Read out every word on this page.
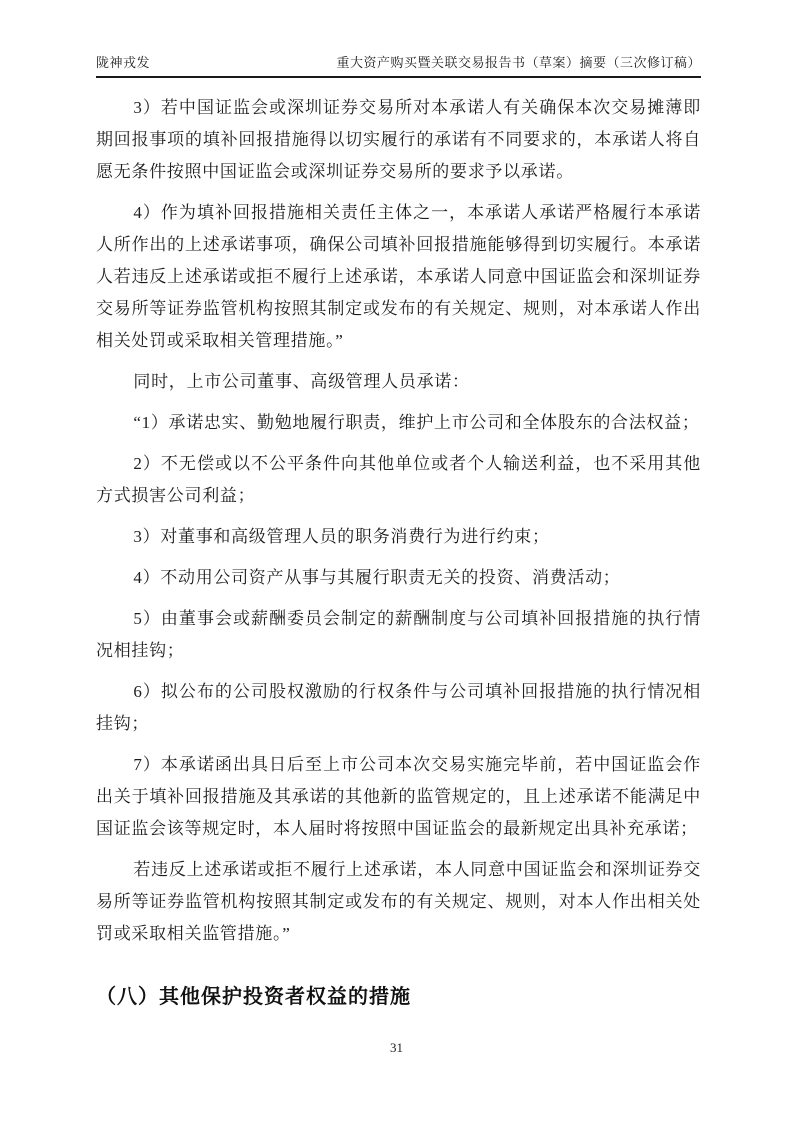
陇神戎发	重大资产购买暨关联交易报告书（草案）摘要（三次修订稿）

3）若中国证监会或深圳证券交易所对本承诺人有关确保本次交易摊薄即期回报事项的填补回报措施得以切实履行的承诺有不同要求的，本承诺人将自愿无条件按照中国证监会或深圳证券交易所的要求予以承诺。

4）作为填补回报措施相关责任主体之一，本承诺人承诺严格履行本承诺人所作出的上述承诺事项，确保公司填补回报措施能够得到切实履行。本承诺人若违反上述承诺或拒不履行上述承诺，本承诺人同意中国证监会和深圳证券交易所等证券监管机构按照其制定或发布的有关规定、规则，对本承诺人作出相关处罚或采取相关管理措施。”

同时，上市公司董事、高级管理人员承诺：

“1）承诺忠实、勤勉地履行职责，维护上市公司和全体股东的合法权益；

2）不无偿或以不公平条件向其他单位或者个人输送利益，也不采用其他方式损害公司利益；

3）对董事和高级管理人员的职务消费行为进行约束；

4）不动用公司资产从事与其履行职责无关的投资、消费活动；

5）由董事会或薪酬委员会制定的薪酬制度与公司填补回报措施的执行情况相挂钩；

6）拟公布的公司股权激励的行权条件与公司填补回报措施的执行情况相挂钩；

7）本承诺函出具日后至上市公司本次交易实施完毕前，若中国证监会作出关于填补回报措施及其承诺的其他新的监管规定的，且上述承诺不能满足中国证监会该等规定时，本人届时将按照中国证监会的最新规定出具补充承诺；

若违反上述承诺或拒不履行上述承诺，本人同意中国证监会和深圳证券交易所等证券监管机构按照其制定或发布的有关规定、规则，对本人作出相关处罚或采取相关监管措施。”

（八）其他保护投资者权益的措施
31
